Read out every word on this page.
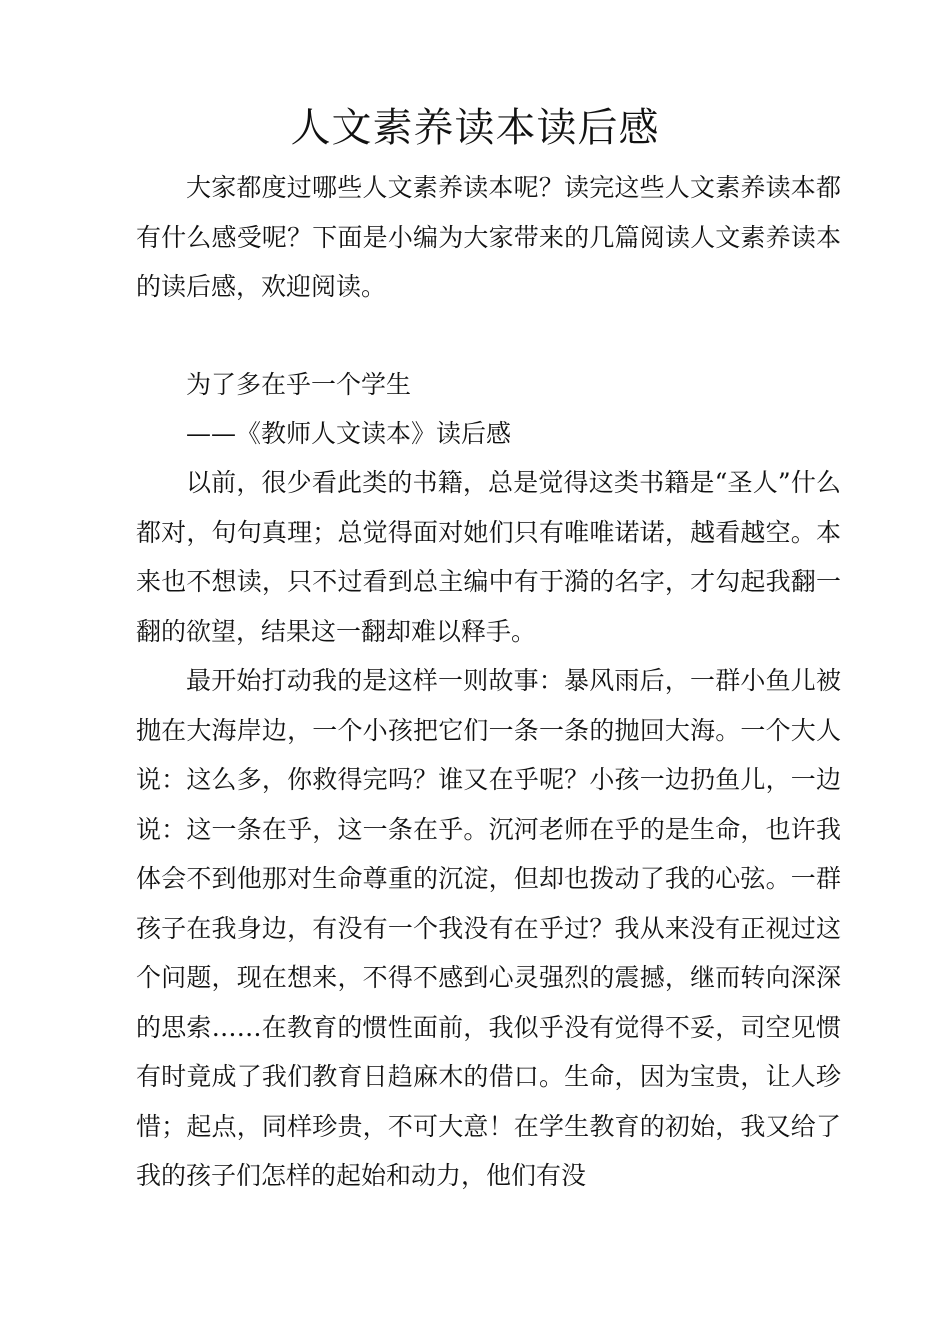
人文素养读本读后感

大家都度过哪些人文素养读本呢？读完这些人文素养读本都有什么感受呢？下面是小编为大家带来的几篇阅读人文素养读本的读后感，欢迎阅读。

为了多在乎一个学生

——《教师人文读本》读后感

以前，很少看此类的书籍，总是觉得这类书籍是“圣人”什么都对，句句真理；总觉得面对她们只有唯唯诺诺，越看越空。本来也不想读，只不过看到总主编中有于漪的名字，才勾起我翻一翻的欲望，结果这一翻却难以释手。

最开始打动我的是这样一则故事：暴风雨后，一群小鱼儿被抛在大海岸边，一个小孩把它们一条一条的抛回大海。一个大人说：这么多，你救得完吗？谁又在乎呢？小孩一边扔鱼儿，一边说：这一条在乎，这一条在乎。沉河老师在乎的是生命，也许我体会不到他那对生命尊重的沉淀，但却也拨动了我的心弦。一群孩子在我身边，有没有一个我没有在乎过？我从来没有正视过这个问题，现在想来，不得不感到心灵强烈的震撼，继而转向深深的思索……在教育的惯性面前，我似乎没有觉得不妥，司空见惯有时竟成了我们教育日趋麻木的借口。生命，因为宝贵，让人珍惜；起点，同样珍贵，不可大意！在学生教育的初始，我又给了我的孩子们怎样的起始和动力，他们有没
